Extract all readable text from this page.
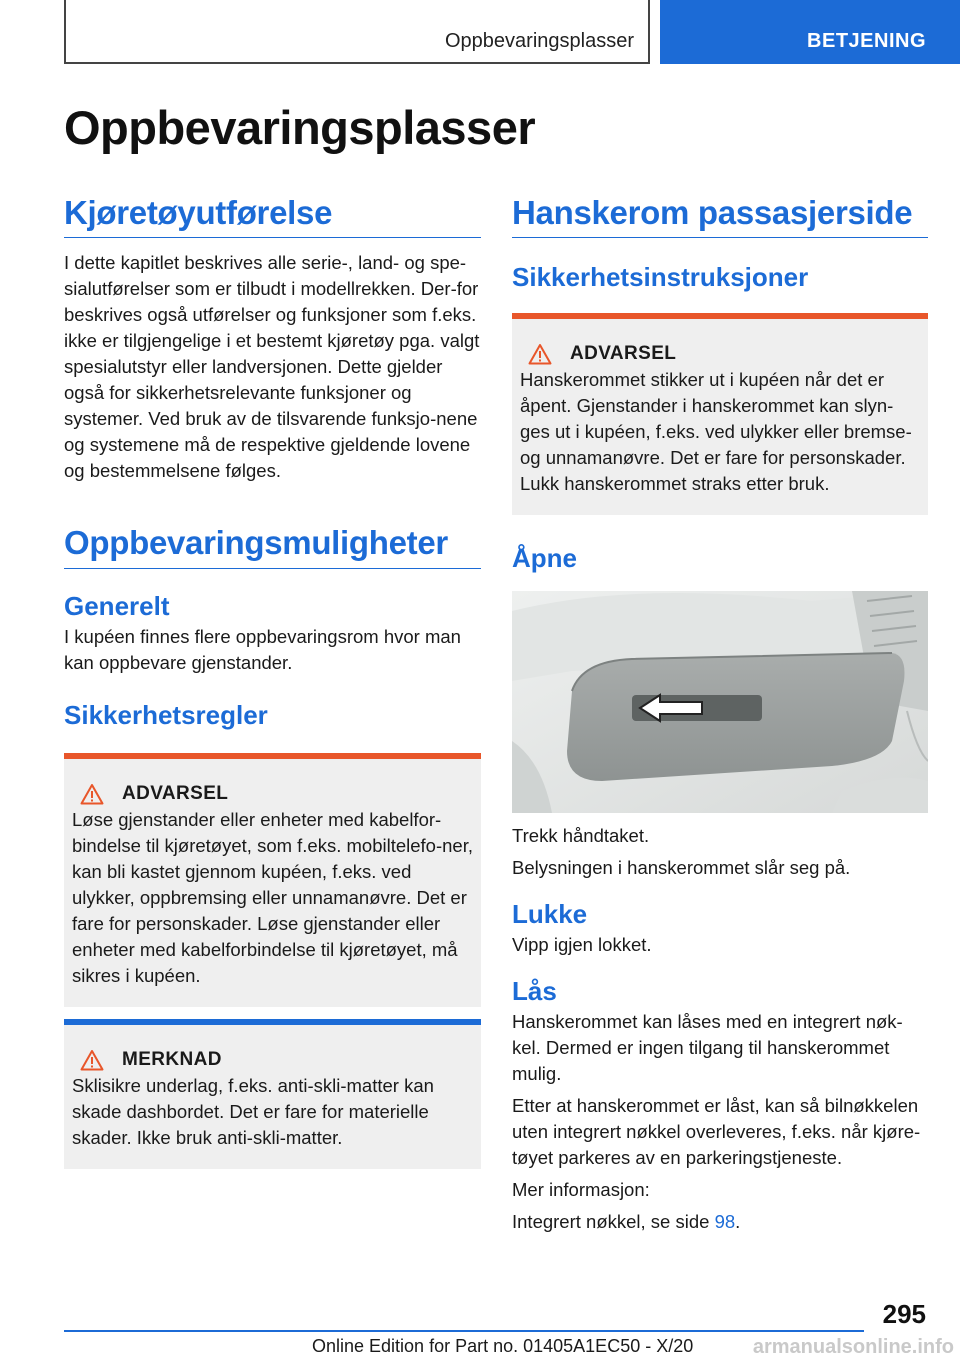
Oppbevaringsplasser	BETJENING
Oppbevaringsplasser
Kjøretøyutførelse

I dette kapitlet beskrives alle serie-, land- og spe-sialutførelser som er tilbudt i modellrekken. Der-for beskrives også utførelser og funksjoner som f.eks. ikke er tilgjengelige i et bestemt kjøretøy pga. valgt spesialutstyr eller landversjonen. Dette gjelder også for sikkerhetsrelevante funksjoner og systemer. Ved bruk av de tilsvarende funksjo-nene og systemene må de respektive gjeldende lovene og bestemmelsene følges.

Oppbevaringsmuligheter
Generelt

I kupéen finnes flere oppbevaringsrom hvor man kan oppbevare gjenstander.

Sikkerhetsregler
ADVARSEL

Løse gjenstander eller enheter med kabelfor-bindelse til kjøretøyet, som f.eks. mobiltelefo-ner, kan bli kastet gjennom kupéen, f.eks. ved ulykker, oppbremsing eller unnamanøvre. Det er fare for personskader. Løse gjenstander eller enheter med kabelforbindelse til kjøretøyet, må sikres i kupéen.

MERKNAD

Sklisikre underlag, f.eks. anti-skli-matter kan skade dashbordet. Det er fare for materielle skader. Ikke bruk anti-skli-matter.

Hanskerom passasjerside
Sikkerhetsinstruksjoner
ADVARSEL

Hanskerommet stikker ut i kupéen når det er åpent. Gjenstander i hanskerommet kan slyn-ges ut i kupéen, f.eks. ved ulykker eller bremse- og unnamanøvre. Det er fare for personskader. Lukk hanskerommet straks etter bruk.

Åpne

Trekk håndtaket.

Belysningen i hanskerommet slår seg på.

Lukke

Vipp igjen lokket.

Lås

Hanskerommet kan låses med en integrert nøk-kel. Dermed er ingen tilgang til hanskerommet mulig.

Etter at hanskerommet er låst, kan så bilnøkkelen uten integrert nøkkel overleveres, f.eks. når kjøre-tøyet parkeres av en parkeringstjeneste.

Mer informasjon:

Integrert nøkkel, se side 98.

295
Online Edition for Part no. 01405A1EC50 - X/20	armanualsonline.info
